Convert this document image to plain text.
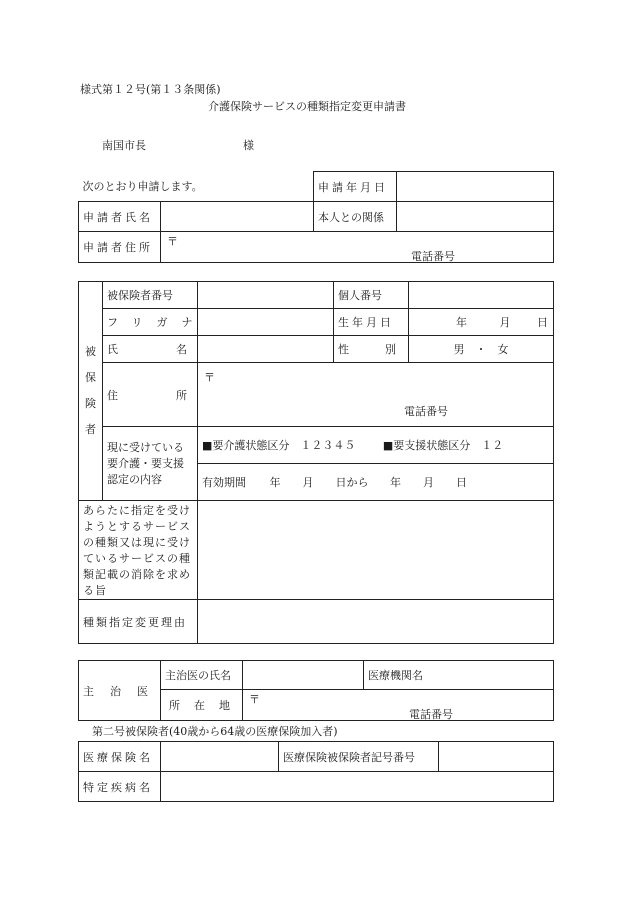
様式第１２号(第１３条関係)
介護保険サービスの種類指定変更申請書
南国市長	様
次のとおり申請します。		申請年月日	
申請者氏名		本人との関係	
申請者住所	〒
電話番号		
被保険者	被保険者番号		個人番号	

	フリガナ		生年月日	年 月 日
	氏名		性別	男　・　女
	住所	〒
電話番号		

	現に受けている要介護・要支援認定の内容	■要介護状態区分　１２３４５ ■要支援状態区分　１２		
		有効期間 年　　月　　日から 年　　月　　日		
あらたに指定を受けようとするサービスの種類又は現に受けているサービスの種類記載の消除を求める旨				
種類指定変更理由				
主治医	主治医の氏名		医療機関名
	所在地	〒
電話番号	
第二号被保険者(40歳から64歳の医療保険加入者)
医療保険名		医療保険被保険者記号番号	
特定疾病名			
